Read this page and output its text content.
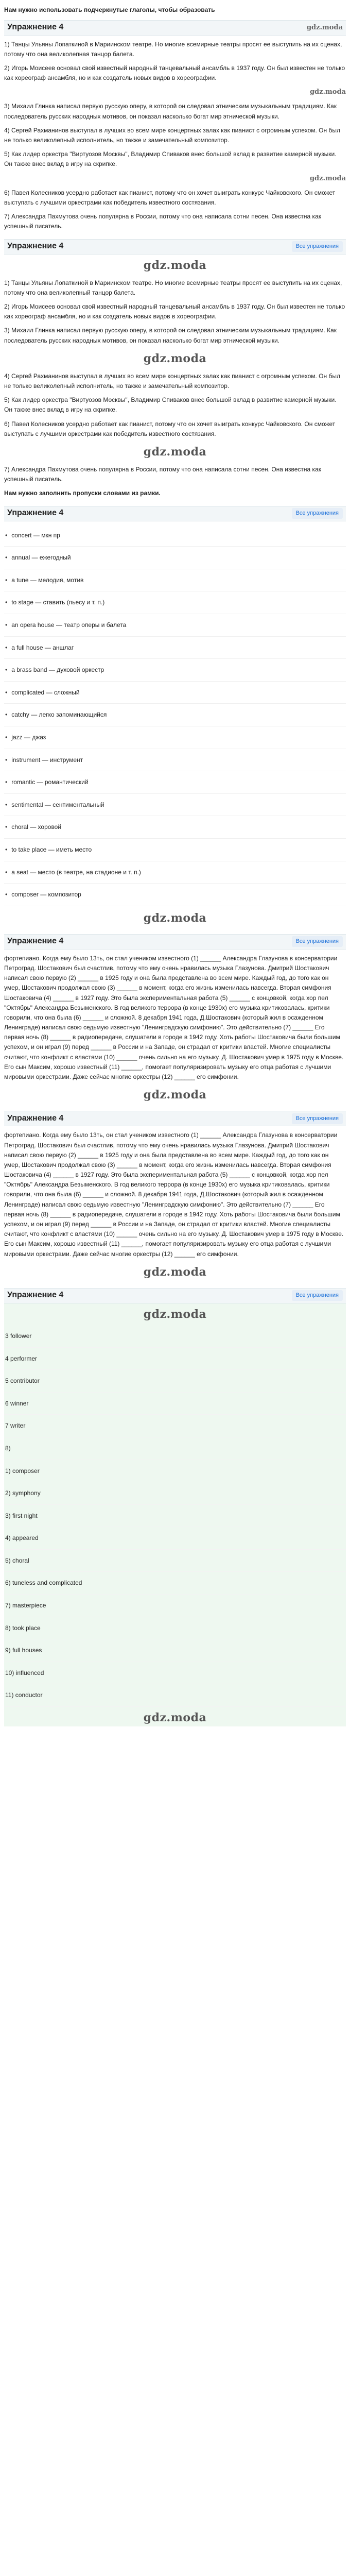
Нам нужно использовать подчеркнутые глаголы, чтобы образовать
Упражнение 4	gdz.moda
1) Танцы Ульяны Лопаткиной в Мариинском театре. Но многие всемирные театры просят ее выступить на их сценах, потому что она великолепная танцор балета.
2) Игорь Моисеев основал свой известный народный танцевальный ансамбль в 1937 году. Он был известен не только как хореограф ансамбля, но и как создатель новых видов в хореографии.
gdz.moda
3) Михаил Глинка написал первую русскую оперу, в которой он следовал этническим музыкальным традициям. Как последователь русских народных мотивов, он показал насколько богат мир этнической музыки.
4) Сергей Рахманинов выступал в лучших во всем мире концертных залах как пианист с огромным успехом. Он был не только великолепный исполнитель, но также и замечательный композитор.
5) Как лидер оркестра "Виртуозов Москвы", Владимир Спиваков внес большой вклад в развитие камерной музыки. Он также внес вклад в игру на скрипке.
gdz.moda
6) Павел Колесников усердно работает как пианист, потому что он хочет выиграть конкурс Чайковского. Он сможет выступать с лучшими оркестрами как победитель известного состязания.
7) Александра Пахмутова очень популярна в России, потому что она написала сотни песен. Она известна как успешный писатель.
Упражнение 4	Все упражнения
gdz.moda
1) Танцы Ульяны Лопаткиной в Мариинском театре. Но многие всемирные театры просят ее выступить на их сценах, потому что она великолепный танцор балета.
2) Игорь Моисеев основал свой известный народный танцевальный ансамбль в 1937 году. Он был известен не только как хореограф ансамбля, но и как создатель новых видов в хореографии.
3) Михаил Глинка написал первую русскую оперу, в которой он следовал этническим музыкальным традициям. Как последователь русских народных мотивов, он показал насколько богат мир этнической музыки.
gdz.moda
4) Сергей Рахманинов выступал в лучших во всем мире концертных залах как пианист с огромным успехом. Он был не только великолепный исполнитель, но также и замечательный композитор.
5) Как лидер оркестра "Виртуозов Москвы", Владимир Спиваков внес большой вклад в развитие камерной музыки. Он также внес вклад в игру на скрипке.
6) Павел Колесников усердно работает как пианист, потому что он хочет выиграть конкурс Чайковского. Он сможет выступать с лучшими оркестрами как победитель известного состязания.
gdz.moda
7) Александра Пахмутова очень популярна в России, потому что она написала сотни песен. Она известна как успешный писатель.
Нам нужно заполнить пропуски словами из рамки.
Упражнение 4	Все упражнения
• concert — мкн пр
• annual — ежегодный
• a tune — мелодия, мотив
• to stage — ставить (пьесу и т. п.)
• an opera house — театр оперы и балета
• a full house — аншлаг
• a brass band — духовой оркестр
• complicated — сложный
• catchy — легко запоминающийся
• jazz — джаз
• instrument — инструмент
• romantic — романтический
• sentimental — сентиментальный
• choral — хоровой
• to take place — иметь место
• a seat — место (в театре, на стадионе и т. п.)
• composer — композитор
gdz.moda
Упражнение 4	Все упражнения
фортепиано. Когда ему было 13ть, он стал учеником известного (1) ______ Александра Глазунова в консерватории Петроград. Шостакович был счастлив, потому что ему очень нравилась музыка Глазунова. Дмитрий Шостакович написал свою первую (2) ______ в 1925 году и она была представлена во всем мире. Каждый год, до того как он умер, Шостакович продолжал свою (3) ______ в момент, когда его жизнь изменилась навсегда. Вторая симфония Шостаковича (4) ______ в 1927 году. Это была экспериментальная работа (5) ______ с концовкой, когда хор пел "Октябрь" Александра Безыменского. В год великого террора (в конце 1930х) его музыка критиковалась, критики говорили, что она была (6) ______ и сложной. 8 декабря 1941 года, Д.Шостакович (который жил в осажденном Ленинграде) написал свою седьмую известную "Ленинградскую симфонию". Это действительно (7) ______ Его первая ночь (8) ______ в радиопередаче, слушатели в городе в 1942 году. Хоть работы Шостаковича были большим успехом, и он играл (9) перед ______ в России и на Западе, он страдал от критики властей. Многие специалисты считают, что конфликт с властями (10) ______ очень сильно на его музыку. Д. Шостакович умер в 1975 году в Москве. Его сын Максим, хорошо известный (11) ______, помогает популяризировать музыку его отца работая с лучшими мировыми оркестрами. Даже сейчас многие оркестры (12) ______ его симфонии.
gdz.moda
Упражнение 4	Все упражнения
фортепиано. Когда ему было 13ть, он стал учеником известного (1) ______ Александра Глазунова в консерватории Петроград. Шостакович был счастлив, потому что ему очень нравилась музыка Глазунова. Дмитрий Шостакович написал свою первую (2) ______ в 1925 году и она была представлена во всем мире. Каждый год, до того как он умер, Шостакович продолжал свою (3) ______ в момент, когда его жизнь изменилась навсегда. Вторая симфония Шостаковича (4) ______ в 1927 году. Это была экспериментальная работа (5) ______ с концовкой, когда хор пел "Октябрь" Александра Безыменского. В год великого террора (в конце 1930х) его музыка критиковалась, критики говорили, что она была (6) ______ и сложной. 8 декабря 1941 года, Д.Шостакович (который жил в осажденном Ленинграде) написал свою седьмую известную "Ленинградскую симфонию". Это действительно (7) ______ Его первая ночь (8) ______ в радиопередаче, слушатели в городе в 1942 году. Хоть работы Шостаковича были большим успехом, и он играл (9) перед ______ в России и на Западе, он страдал от критики властей. Многие специалисты считают, что конфликт с властями (10) ______ очень сильно на его музыку. Д. Шостакович умер в 1975 году в Москве. Его сын Максим, хорошо известный (11) ______, помогает популяризировать музыку его отца работая с лучшими мировыми оркестрами. Даже сейчас многие оркестры (12) ______ его симфонии.
gdz.moda
Упражнение 4	Все упражнения
gdz.moda
3 follower
4 performer
5 contributor
6 winner
7 writer
8)
1) composer
2) symphony
3) first night
4) appeared
5) choral
6) tuneless and complicated
7) masterpiece
8) took place
9) full houses
10) influenced
11) conductor
gdz.moda
